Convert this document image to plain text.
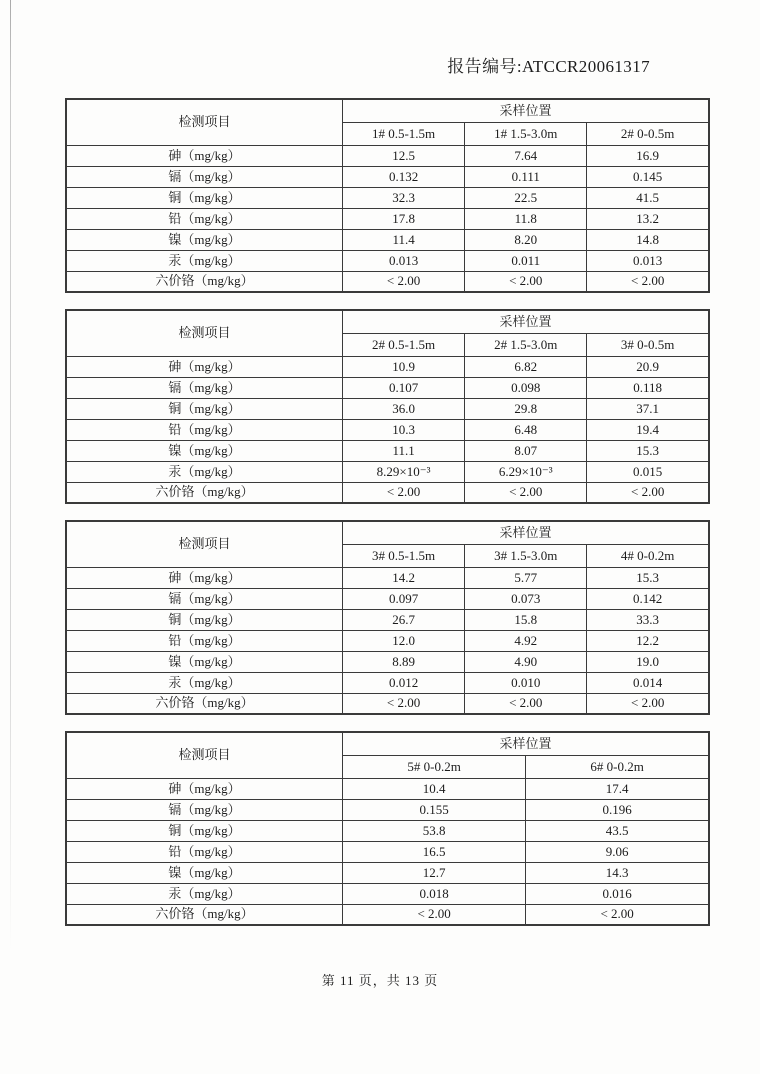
报告编号:ATCCR20061317
检测项目	采样位置		
	1# 0.5-1.5m	1# 1.5-3.0m	2# 0-0.5m
砷（mg/kg）	12.5	7.64	16.9
镉（mg/kg）	0.132	0.111	0.145
铜（mg/kg）	32.3	22.5	41.5
铅（mg/kg）	17.8	11.8	13.2
镍（mg/kg）	11.4	8.20	14.8
汞（mg/kg）	0.013	0.011	0.013
六价铬（mg/kg）	< 2.00	< 2.00	< 2.00
检测项目	采样位置		
	2# 0.5-1.5m	2# 1.5-3.0m	3# 0-0.5m
砷（mg/kg）	10.9	6.82	20.9
镉（mg/kg）	0.107	0.098	0.118
铜（mg/kg）	36.0	29.8	37.1
铅（mg/kg）	10.3	6.48	19.4
镍（mg/kg）	11.1	8.07	15.3
汞（mg/kg）	8.29×10⁻³	6.29×10⁻³	0.015
六价铬（mg/kg）	< 2.00	< 2.00	< 2.00
检测项目	采样位置		
	3# 0.5-1.5m	3# 1.5-3.0m	4# 0-0.2m
砷（mg/kg）	14.2	5.77	15.3
镉（mg/kg）	0.097	0.073	0.142
铜（mg/kg）	26.7	15.8	33.3
铅（mg/kg）	12.0	4.92	12.2
镍（mg/kg）	8.89	4.90	19.0
汞（mg/kg）	0.012	0.010	0.014
六价铬（mg/kg）	< 2.00	< 2.00	< 2.00
检测项目	采样位置	
	5# 0-0.2m	6# 0-0.2m
砷（mg/kg）	10.4	17.4
镉（mg/kg）	0.155	0.196
铜（mg/kg）	53.8	43.5
铅（mg/kg）	16.5	9.06
镍（mg/kg）	12.7	14.3
汞（mg/kg）	0.018	0.016
六价铬（mg/kg）	< 2.00	< 2.00
第 11 页，共 13 页
